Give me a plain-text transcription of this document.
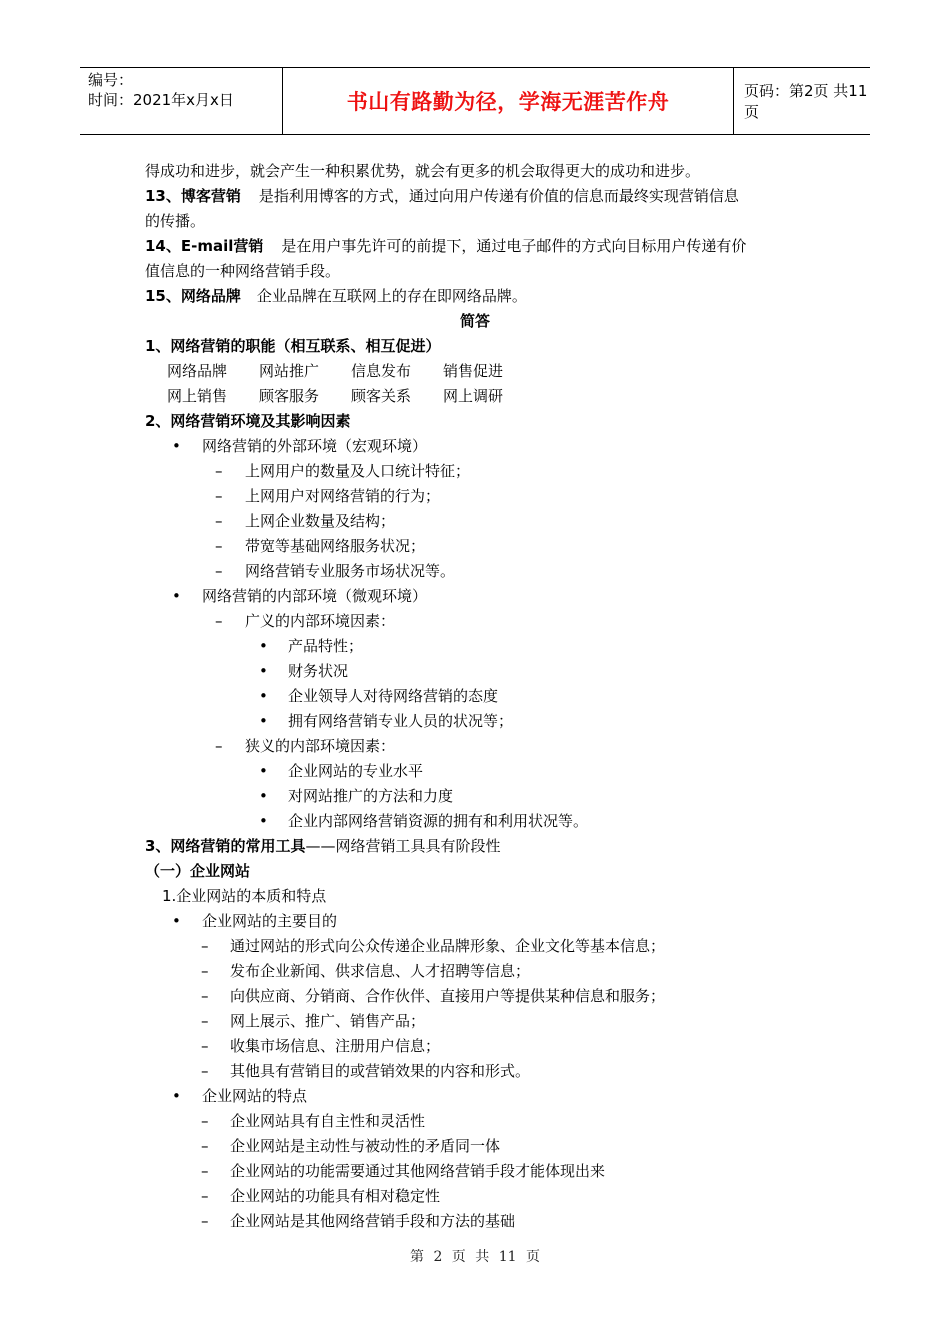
编号：
时间：2021年x月x日	书山有路勤为径，学海无涯苦作舟	页码：第2页 共11页
得成功和进步，就会产生一种积累优势，就会有更多的机会取得更大的成功和进步。
13、博客营销 是指利用博客的方式，通过向用户传递有价值的信息而最终实现营销信息
的传播。
14、E-mail营销 是在用户事先许可的前提下，通过电子邮件的方式向目标用户传递有价
值信息的一种网络营销手段。
15、网络品牌 企业品牌在互联网上的存在即网络品牌。
简答
1、网络营销的职能（相互联系、相互促进）
网络品牌 网站推广 信息发布 销售促进
网上销售 顾客服务 顾客关系 网上调研
2、网络营销环境及其影响因素
• 网络营销的外部环境（宏观环境）
– 上网用户的数量及人口统计特征；
– 上网用户对网络营销的行为；
– 上网企业数量及结构；
– 带宽等基础网络服务状况；
– 网络营销专业服务市场状况等。
• 网络营销的内部环境（微观环境）
– 广义的内部环境因素：
• 产品特性；
• 财务状况
• 企业领导人对待网络营销的态度
• 拥有网络营销专业人员的状况等；
– 狭义的内部环境因素：
• 企业网站的专业水平
• 对网站推广的方法和力度
• 企业内部网络营销资源的拥有和利用状况等。
3、网络营销的常用工具——网络营销工具具有阶段性
（一）企业网站
1.企业网站的本质和特点
• 企业网站的主要目的
– 通过网站的形式向公众传递企业品牌形象、企业文化等基本信息；
– 发布企业新闻、供求信息、人才招聘等信息；
– 向供应商、分销商、合作伙伴、直接用户等提供某种信息和服务；
– 网上展示、推广、销售产品；
– 收集市场信息、注册用户信息；
– 其他具有营销目的或营销效果的内容和形式。
• 企业网站的特点
– 企业网站具有自主性和灵活性
– 企业网站是主动性与被动性的矛盾同一体
– 企业网站的功能需要通过其他网络营销手段才能体现出来
– 企业网站的功能具有相对稳定性
– 企业网站是其他网络营销手段和方法的基础
第 2 页 共 11 页
